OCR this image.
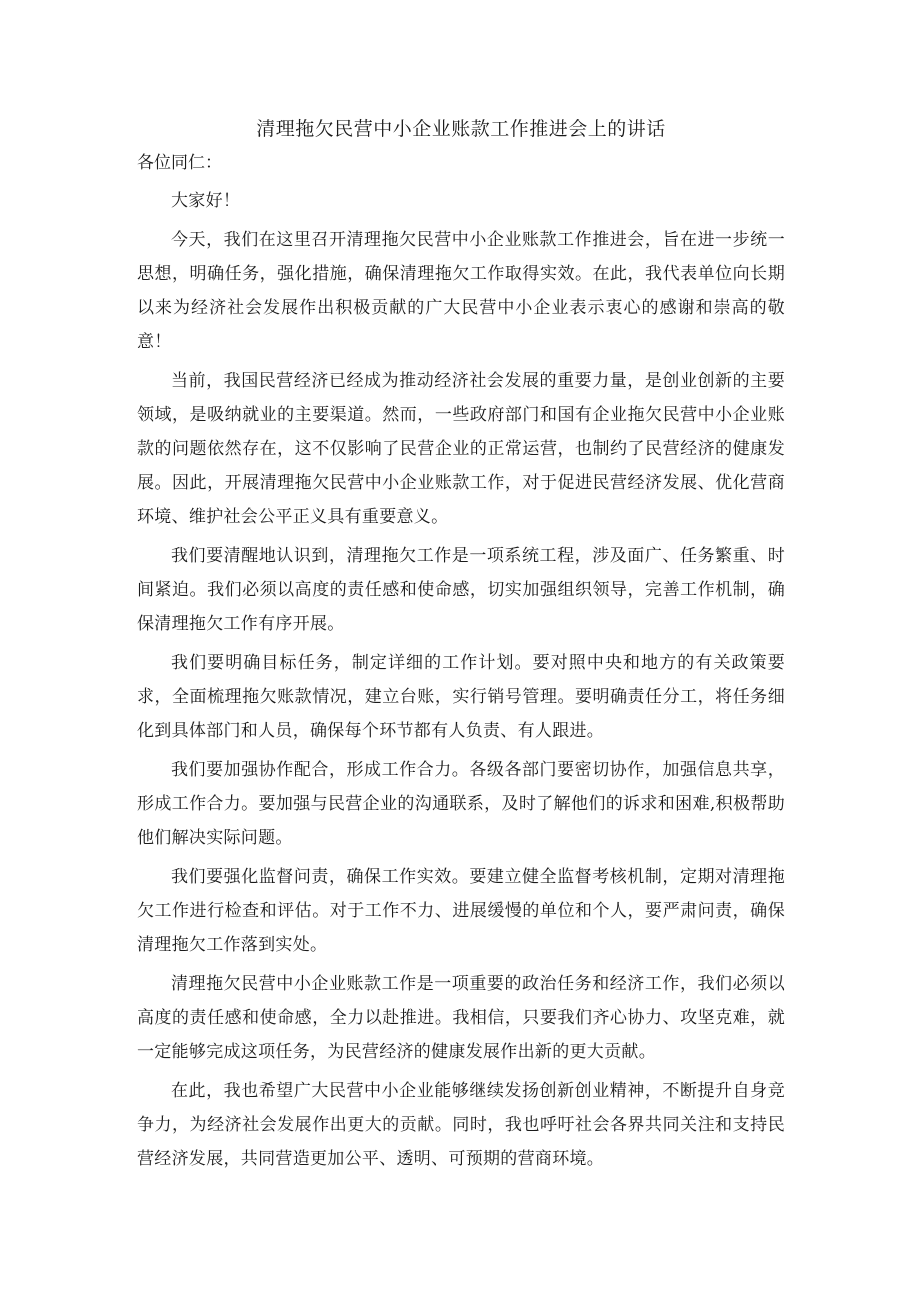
清理拖欠民营中小企业账款工作推进会上的讲话

各位同仁：

大家好！

今天，我们在这里召开清理拖欠民营中小企业账款工作推进会，旨在进一步统一思想，明确任务，强化措施，确保清理拖欠工作取得实效。在此，我代表单位向长期以来为经济社会发展作出积极贡献的广大民营中小企业表示衷心的感谢和崇高的敬意！

当前，我国民营经济已经成为推动经济社会发展的重要力量，是创业创新的主要领域，是吸纳就业的主要渠道。然而，一些政府部门和国有企业拖欠民营中小企业账款的问题依然存在，这不仅影响了民营企业的正常运营，也制约了民营经济的健康发展。因此，开展清理拖欠民营中小企业账款工作，对于促进民营经济发展、优化营商环境、维护社会公平正义具有重要意义。

我们要清醒地认识到，清理拖欠工作是一项系统工程，涉及面广、任务繁重、时间紧迫。我们必须以高度的责任感和使命感，切实加强组织领导，完善工作机制，确保清理拖欠工作有序开展。

我们要明确目标任务，制定详细的工作计划。要对照中央和地方的有关政策要求，全面梳理拖欠账款情况，建立台账，实行销号管理。要明确责任分工，将任务细化到具体部门和人员，确保每个环节都有人负责、有人跟进。

我们要加强协作配合，形成工作合力。各级各部门要密切协作，加强信息共享，形成工作合力。要加强与民营企业的沟通联系，及时了解他们的诉求和困难,积极帮助他们解决实际问题。

我们要强化监督问责，确保工作实效。要建立健全监督考核机制，定期对清理拖欠工作进行检查和评估。对于工作不力、进展缓慢的单位和个人，要严肃问责，确保清理拖欠工作落到实处。

清理拖欠民营中小企业账款工作是一项重要的政治任务和经济工作，我们必须以高度的责任感和使命感，全力以赴推进。我相信，只要我们齐心协力、攻坚克难，就一定能够完成这项任务，为民营经济的健康发展作出新的更大贡献。

在此，我也希望广大民营中小企业能够继续发扬创新创业精神，不断提升自身竞争力，为经济社会发展作出更大的贡献。同时，我也呼吁社会各界共同关注和支持民营经济发展，共同营造更加公平、透明、可预期的营商环境。
